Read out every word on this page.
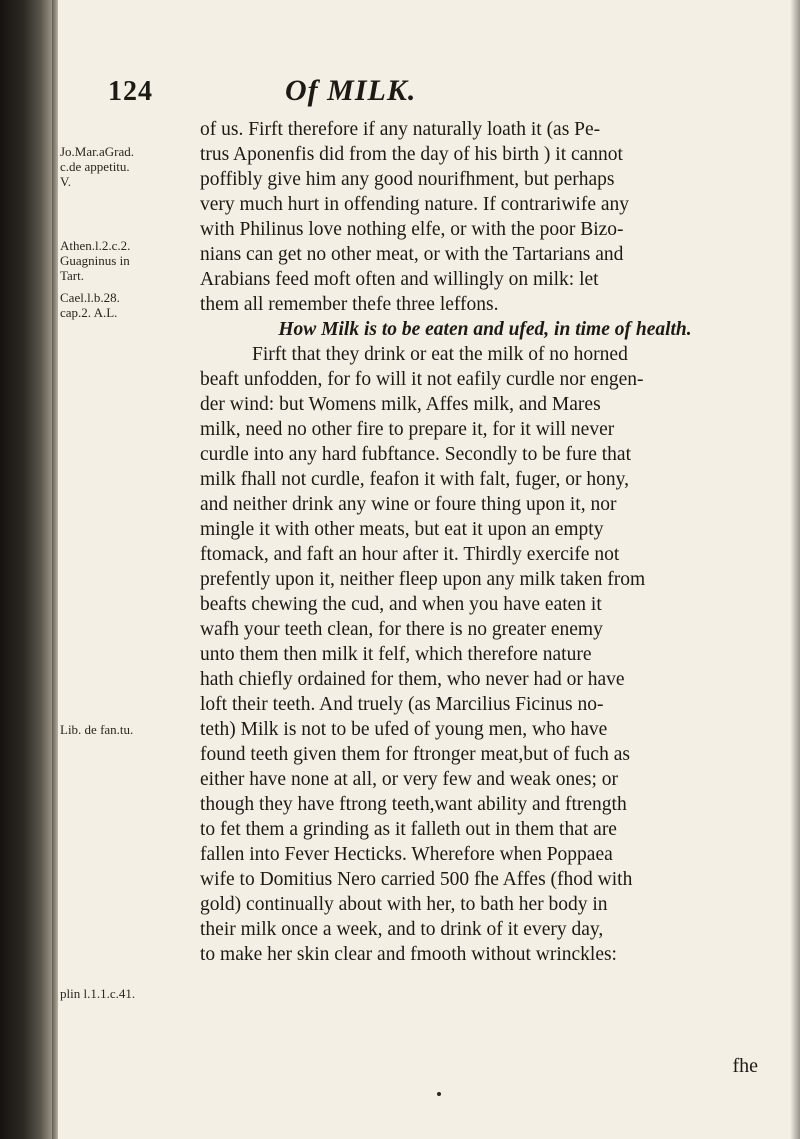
124	Of MILK.
Jo.Mar.aGrad.
c.de appetitu.
V.
Athen.l.2.c.2.
Guagninus in
Tart.
Cael.l.b.28.
cap.2. A.L.
Lib. de fan.tu.
plin l.1.1.c.41.
of us. Firft therefore if any naturally loath it (as Pe-
trus Aponenfis did from the day of his birth ) it cannot
poffibly give him any good nourifhment, but perhaps
very much hurt in offending nature. If contrariwife any
with Philinus love nothing elfe, or with the poor Bizo-
nians can get no other meat, or with the Tartarians and
Arabians feed moft often and willingly on milk: let
them all remember thefe three leffons.
How Milk is to be eaten and ufed, in time of health.
Firft that they drink or eat the milk of no horned
beaft unfodden, for fo will it not eafily curdle nor engen-
der wind: but Womens milk, Affes milk, and Mares
milk, need no other fire to prepare it, for it will never
curdle into any hard fubftance. Secondly to be fure that
milk fhall not curdle, feafon it with falt, fuger, or hony,
and neither drink any wine or foure thing upon it, nor
mingle it with other meats, but eat it upon an empty
ftomack, and faft an hour after it. Thirdly exercife not
prefently upon it, neither fleep upon any milk taken from
beafts chewing the cud, and when you have eaten it
wafh your teeth clean, for there is no greater enemy
unto them then milk it felf, which therefore nature
hath chiefly ordained for them, who never had or have
loft their teeth. And truely (as Marcilius Ficinus no-
teth) Milk is not to be ufed of young men, who have
found teeth given them for ftronger meat,but of fuch as
either have none at all, or very few and weak ones; or
though they have ftrong teeth,want ability and ftrength
to fet them a grinding as it falleth out in them that are
fallen into Fever Hecticks. Wherefore when Poppaea
wife to Domitius Nero carried 500 fhe Affes (fhod with
gold) continually about with her, to bath her body in
their milk once a week, and to drink of it every day,
to make her skin clear and fmooth without wrinckles:
fhe
